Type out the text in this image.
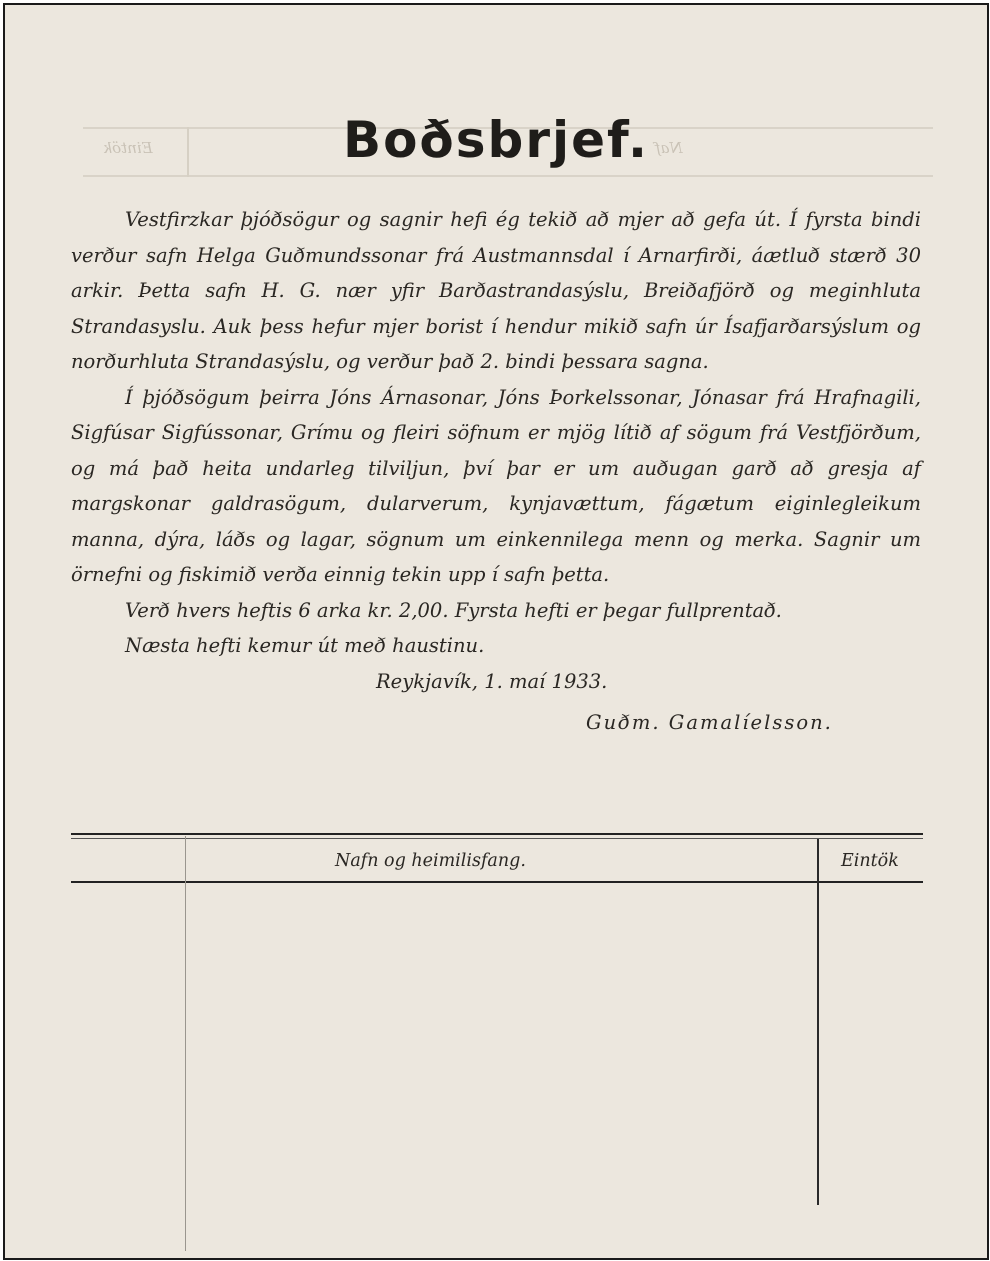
Eintök	Naf
Boðsbrjef.

Vestfirzkar þjóðsögur og sagnir hefi ég tekið að mjer að gefa út. Í fyrsta bindi verður safn Helga Guðmundssonar frá Austmannsdal í Arnarfirði, áætluð stærð 30 arkir. Þetta safn H. G. nær yfir Barðastrandasýslu, Breiðafjörð og meginhluta Strandasyslu. Auk þess hefur mjer borist í hendur mikið safn úr Ísafjarðarsýslum og norðurhluta Strandasýslu, og verður það 2. bindi þessara sagna.

Í þjóðsögum þeirra Jóns Árnasonar, Jóns Þorkelssonar, Jónasar frá Hrafnagili, Sigfúsar Sigfússonar, Grímu og fleiri söfnum er mjög lítið af sögum frá Vestfjörðum, og má það heita undarleg tilviljun, því þar er um auðugan garð að gresja af margskonar galdrasögum, dularverum, kynjavættum, fágætum eiginlegleikum manna, dýra, láðs og lagar, sögnum um einkennilega menn og merka. Sagnir um örnefni og fiskimið verða einnig tekin upp í safn þetta.

Verð hvers heftis 6 arka kr. 2,00. Fyrsta hefti er þegar fullprentað.

Næsta hefti kemur út með haustinu.

Reykjavík, 1. maí 1933.

Guðm. Gamalíelsson.

Nafn og heimilisfang.	Eintök
